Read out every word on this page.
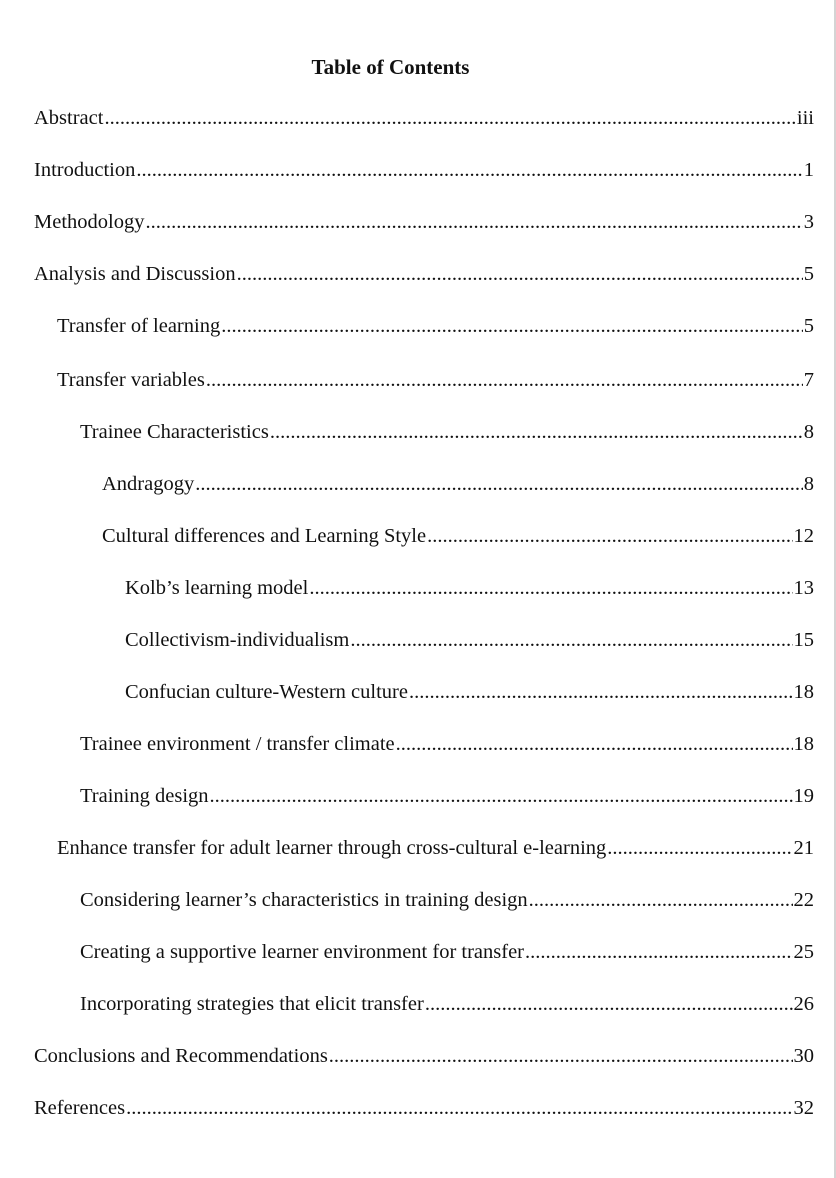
Table of Contents
Abstract .....	iii
Introduction .....	1
Methodology .....	3
Analysis and Discussion .....	5
Transfer of learning .....	5
Transfer variables .....	7
Trainee Characteristics .....	8
Andragogy .....	8
Cultural differences and Learning Style .....	12
Kolb’s learning model .....	13
Collectivism-individualism .....	15
Confucian culture-Western culture .....	18
Trainee environment / transfer climate .....	18
Training design .....	19
Enhance transfer for adult learner through cross-cultural e-learning .....	21
Considering learner’s characteristics in training design .....	22
Creating a supportive learner environment for transfer .....	25
Incorporating strategies that elicit transfer .....	26
Conclusions and Recommendations .....	30
References .....	32
